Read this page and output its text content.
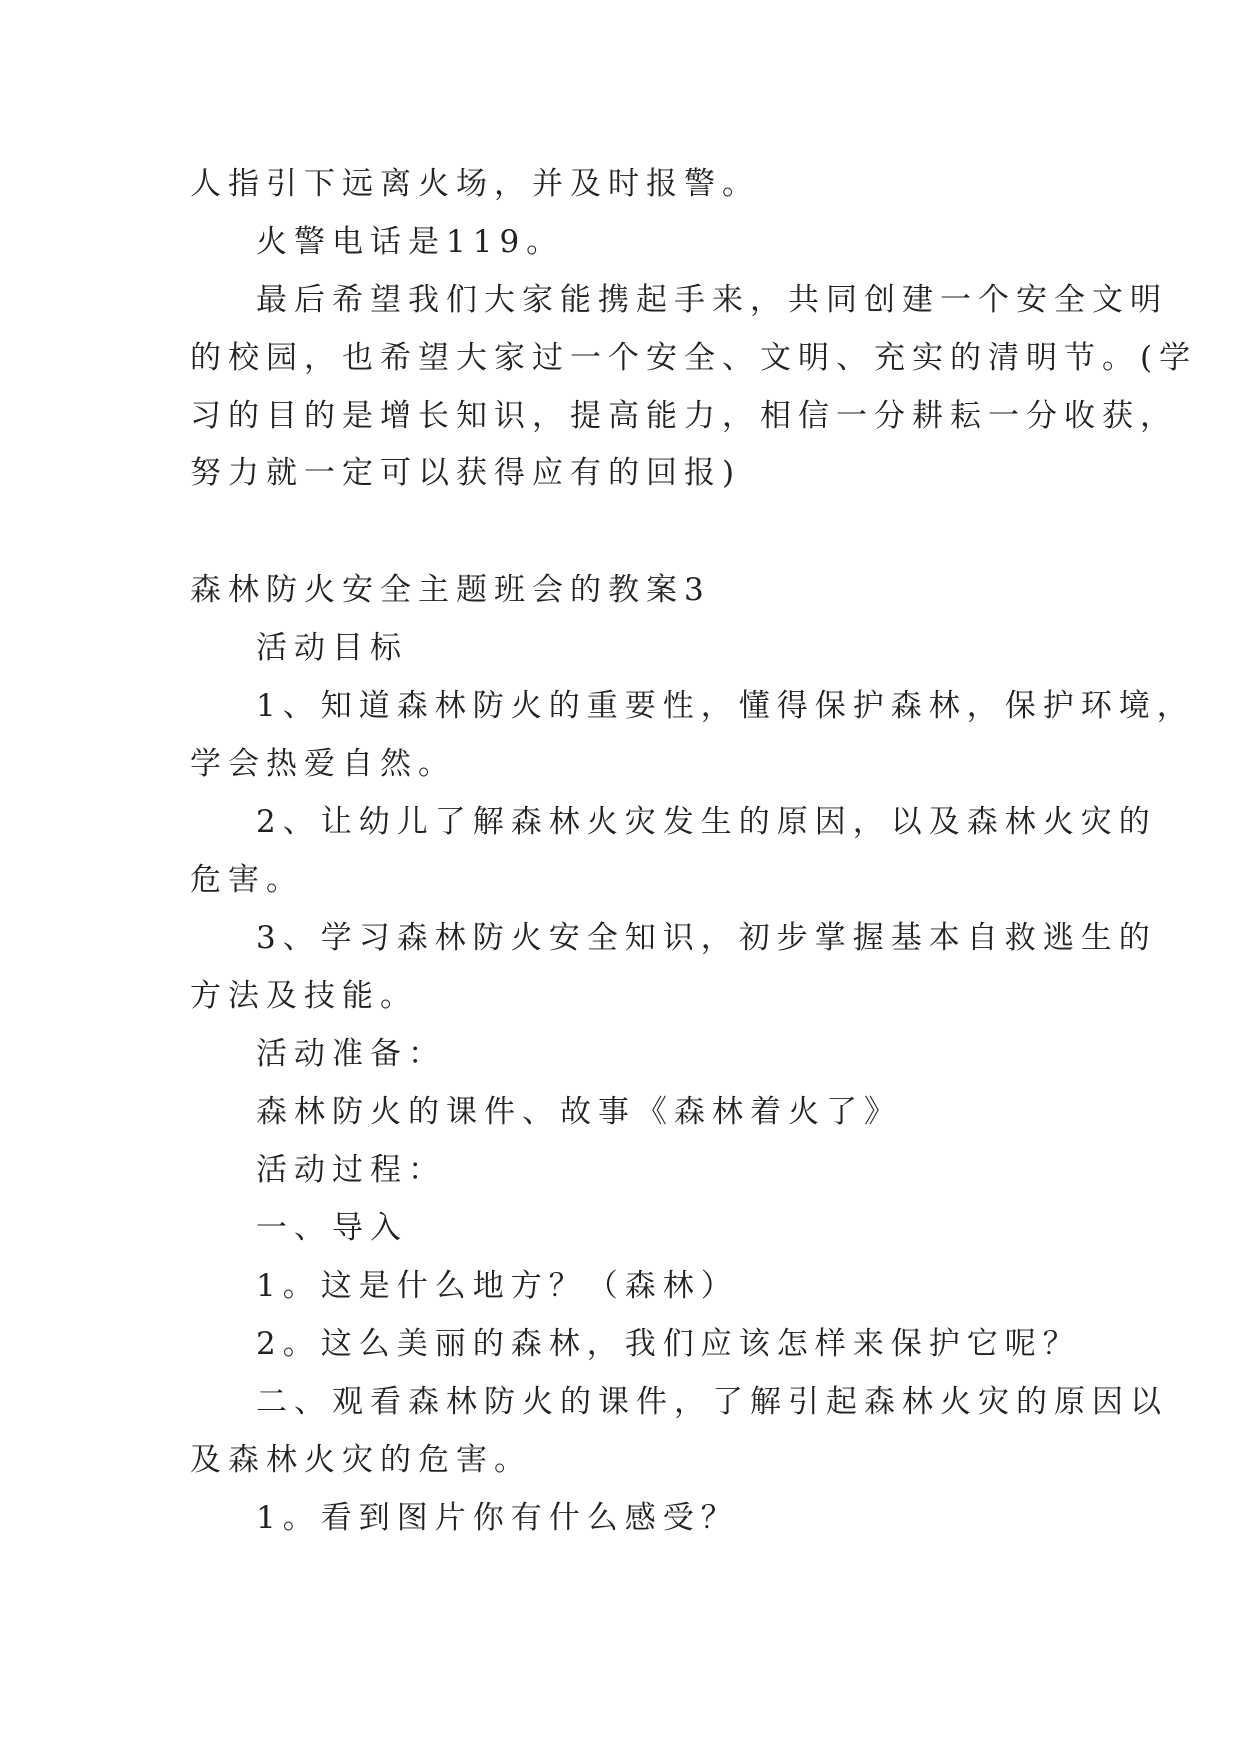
人指引下远离火场，并及时报警。
火警电话是119。
最后希望我们大家能携起手来，共同创建一个安全文明
的校园，也希望大家过一个安全、文明、充实的清明节。(学
习的目的是增长知识，提高能力，相信一分耕耘一分收获，
努力就一定可以获得应有的回报)
森林防火安全主题班会的教案3
活动目标
1、知道森林防火的重要性，懂得保护森林，保护环境，
学会热爱自然。
2、让幼儿了解森林火灾发生的原因，以及森林火灾的
危害。
3、学习森林防火安全知识，初步掌握基本自救逃生的
方法及技能。
活动准备：
森林防火的课件、故事《森林着火了》
活动过程：
一、导入
1。这是什么地方？（森林）
2。这么美丽的森林，我们应该怎样来保护它呢？
二、观看森林防火的课件，了解引起森林火灾的原因以
及森林火灾的危害。
1。看到图片你有什么感受？
